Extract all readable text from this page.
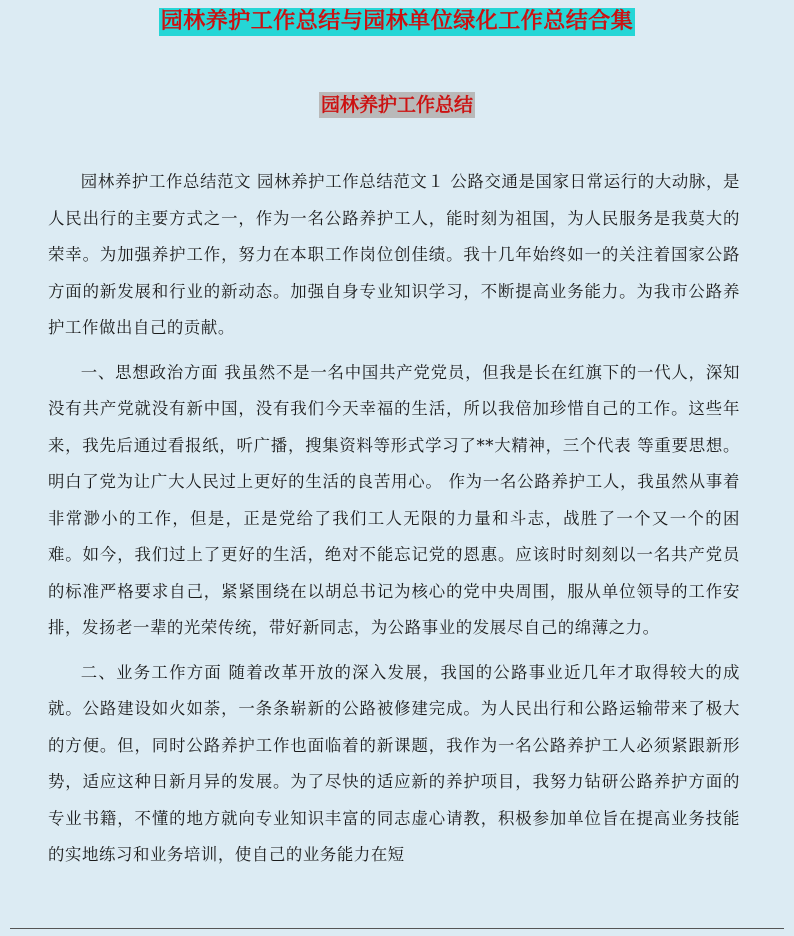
园林养护工作总结与园林单位绿化工作总结合集
园林养护工作总结

园林养护工作总结范文 园林养护工作总结范文１ 公路交通是国家日常运行的大动脉，是人民出行的主要方式之一，作为一名公路养护工人，能时刻为祖国，为人民服务是我莫大的荣幸。为加强养护工作，努力在本职工作岗位创佳绩。我十几年始终如一的关注着国家公路方面的新发展和行业的新动态。加强自身专业知识学习，不断提高业务能力。为我市公路养护工作做出自己的贡献。

一、思想政治方面 我虽然不是一名中国共产党党员，但我是长在红旗下的一代人，深知没有共产党就没有新中国，没有我们今天幸福的生活，所以我倍加珍惜自己的工作。这些年来，我先后通过看报纸，听广播，搜集资料等形式学习了**大精神，三个代表 等重要思想。明白了党为让广大人民过上更好的生活的良苦用心。 作为一名公路养护工人，我虽然从事着非常渺小的工作，但是，正是党给了我们工人无限的力量和斗志，战胜了一个又一个的困难。如今，我们过上了更好的生活，绝对不能忘记党的恩惠。应该时时刻刻以一名共产党员的标准严格要求自己，紧紧围绕在以胡总书记为核心的党中央周围，服从单位领导的工作安排，发扬老一辈的光荣传统，带好新同志，为公路事业的发展尽自己的绵薄之力。

二、业务工作方面 随着改革开放的深入发展，我国的公路事业近几年才取得较大的成就。公路建设如火如荼，一条条崭新的公路被修建完成。为人民出行和公路运输带来了极大的方便。但，同时公路养护工作也面临着的新课题，我作为一名公路养护工人必须紧跟新形势，适应这种日新月异的发展。为了尽快的适应新的养护项目，我努力钻研公路养护方面的专业书籍，不懂的地方就向专业知识丰富的同志虚心请教，积极参加单位旨在提高业务技能的实地练习和业务培训，使自己的业务能力在短
